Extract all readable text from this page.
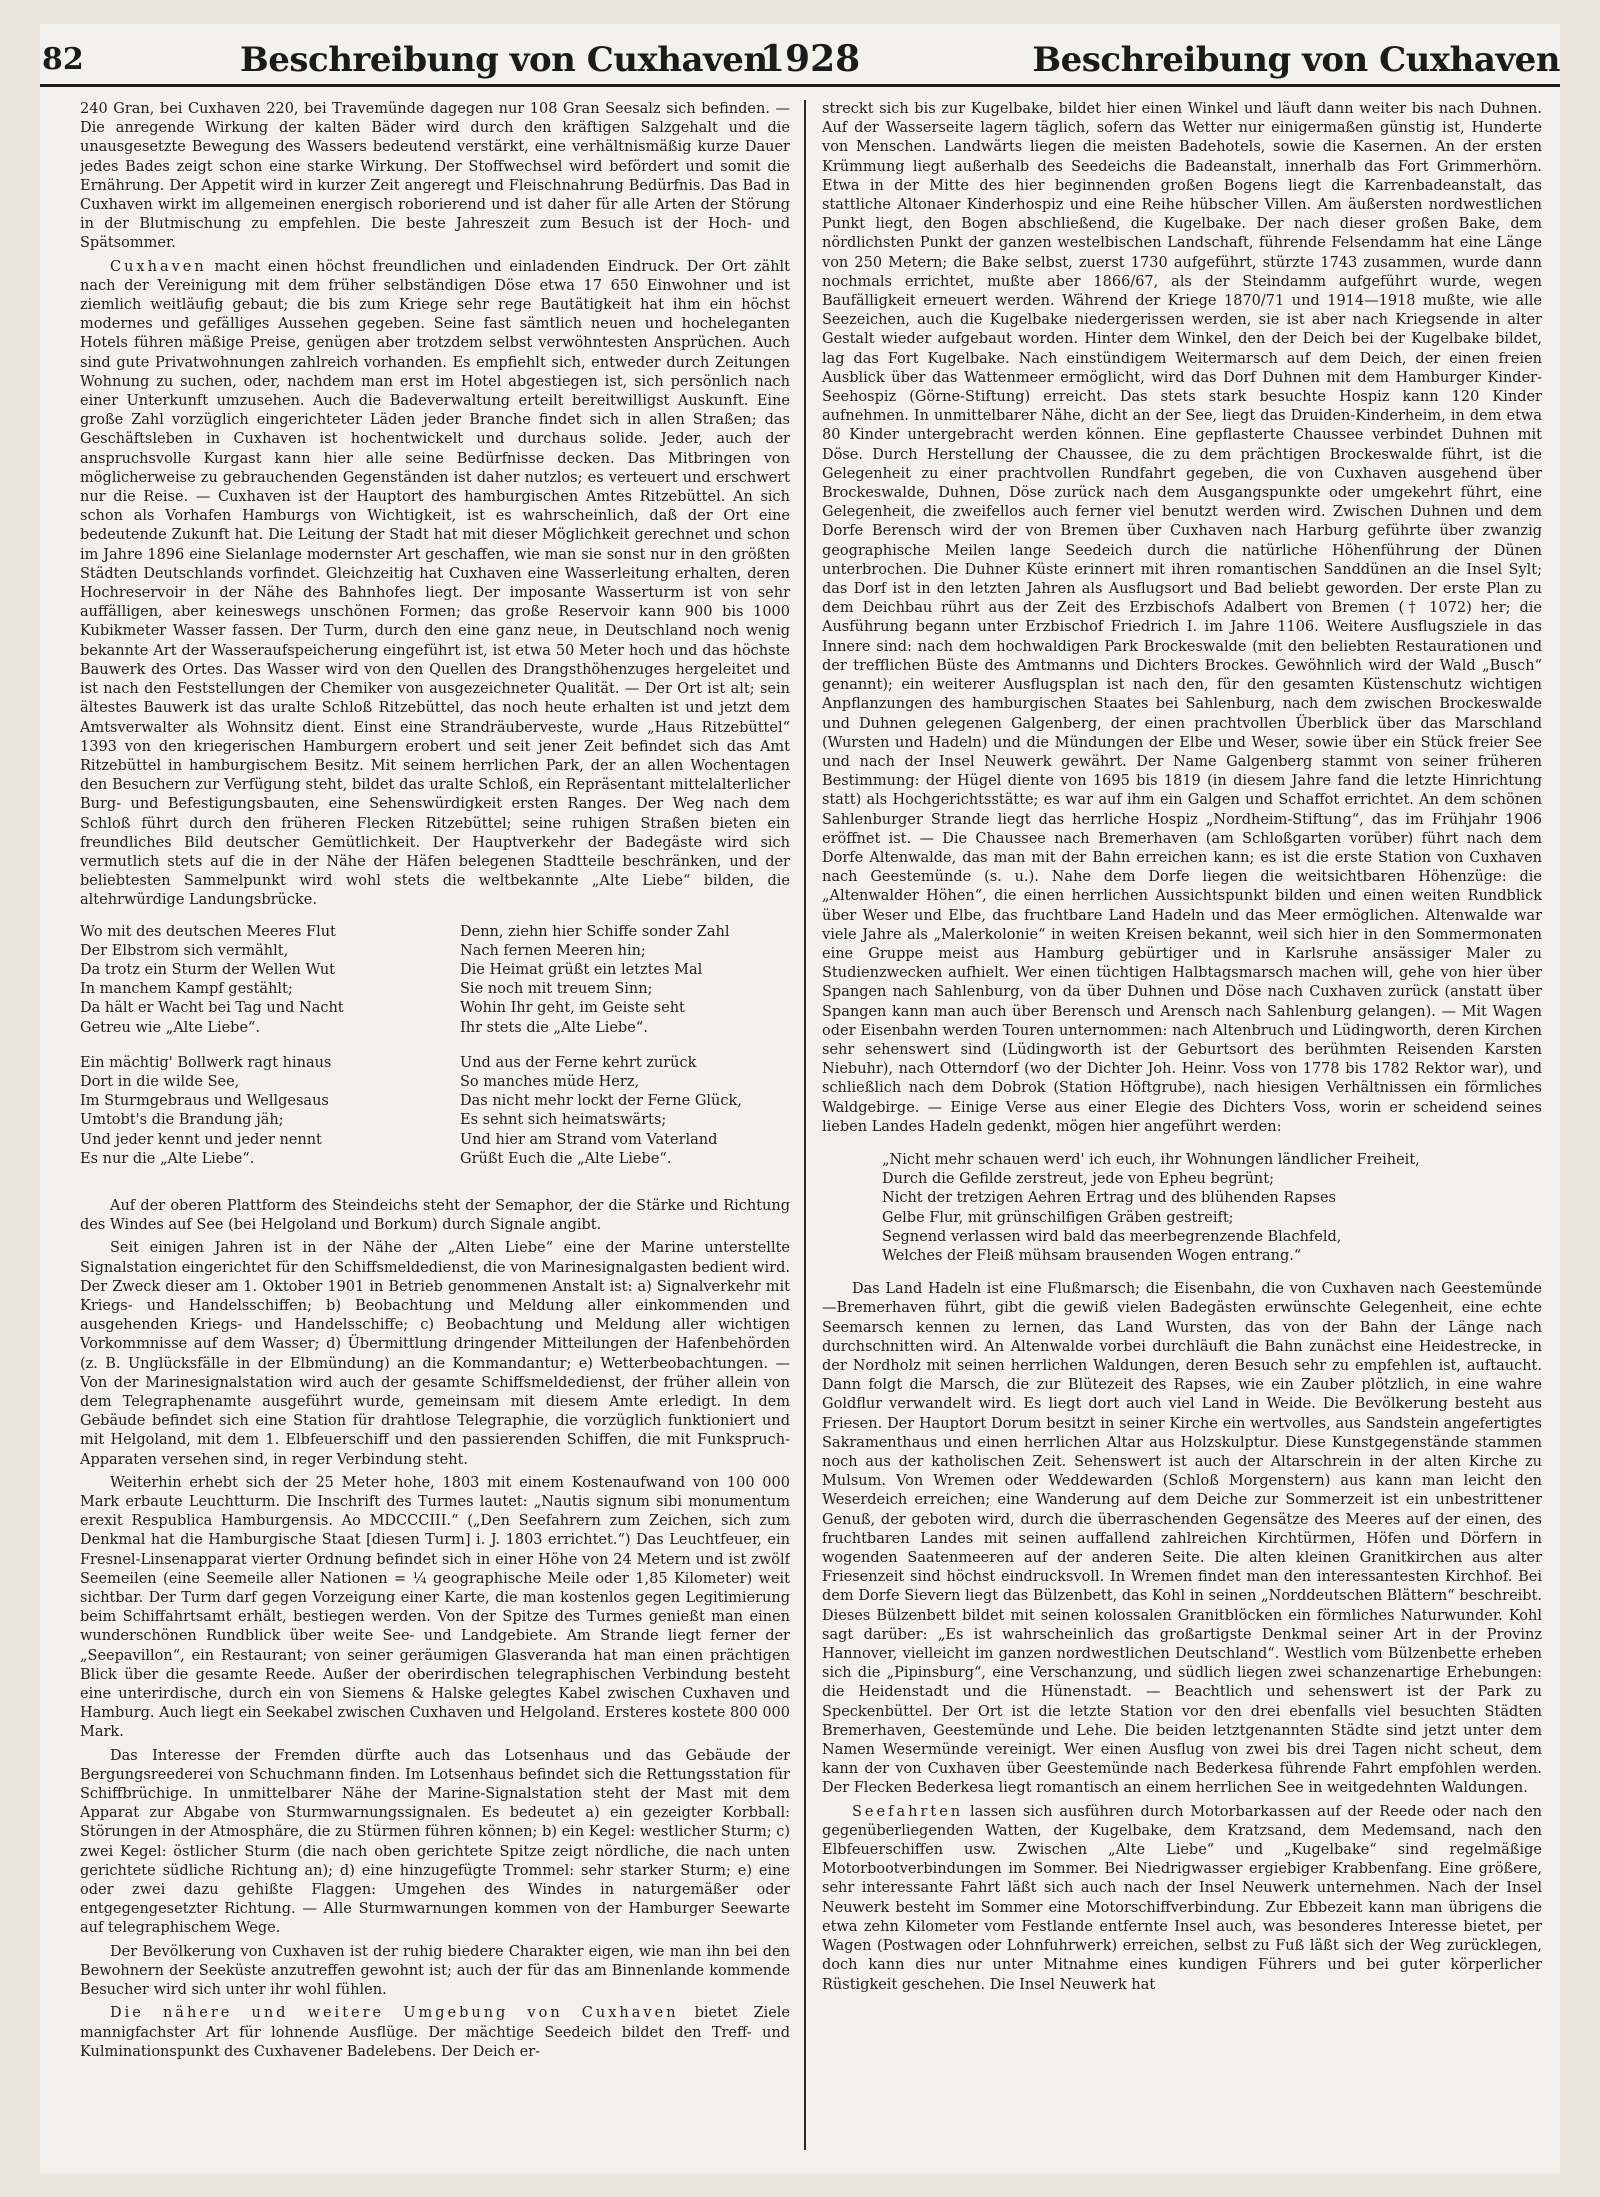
82	Beschreibung von Cuxhaven
1928	Beschreibung von Cuxhaven

240 Gran, bei Cuxhaven 220, bei Travemünde dagegen nur 108 Gran Seesalz sich befinden. — Die anregende Wirkung der kalten Bäder wird durch den kräftigen Salzgehalt und die unausgesetzte Bewegung des Wassers bedeutend verstärkt, eine verhältnismäßig kurze Dauer jedes Bades zeigt schon eine starke Wirkung. Der Stoffwechsel wird befördert und somit die Ernährung. Der Appetit wird in kurzer Zeit angeregt und Fleischnahrung Bedürfnis. Das Bad in Cuxhaven wirkt im allgemeinen energisch roborierend und ist daher für alle Arten der Störung in der Blutmischung zu empfehlen. Die beste Jahreszeit zum Besuch ist der Hoch- und Spätsommer.

Cuxhaven macht einen höchst freundlichen und einladenden Eindruck. Der Ort zählt nach der Vereinigung mit dem früher selbständigen Döse etwa 17 650 Einwohner und ist ziemlich weitläufig gebaut; die bis zum Kriege sehr rege Bautätigkeit hat ihm ein höchst modernes und gefälliges Aussehen gegeben. Seine fast sämtlich neuen und hocheleganten Hotels führen mäßige Preise, genügen aber trotzdem selbst verwöhntesten Ansprüchen. Auch sind gute Privatwohnungen zahlreich vorhanden. Es empfiehlt sich, entweder durch Zeitungen Wohnung zu suchen, oder, nachdem man erst im Hotel abgestiegen ist, sich persönlich nach einer Unterkunft umzusehen. Auch die Badeverwaltung erteilt bereitwilligst Auskunft. Eine große Zahl vorzüglich eingerichteter Läden jeder Branche findet sich in allen Straßen; das Geschäftsleben in Cuxhaven ist hochentwickelt und durchaus solide. Jeder, auch der anspruchsvolle Kurgast kann hier alle seine Bedürfnisse decken. Das Mitbringen von möglicherweise zu gebrauchenden Gegenständen ist daher nutzlos; es verteuert und erschwert nur die Reise. — Cuxhaven ist der Hauptort des hamburgischen Amtes Ritzebüttel. An sich schon als Vorhafen Hamburgs von Wichtigkeit, ist es wahrscheinlich, daß der Ort eine bedeutende Zukunft hat. Die Leitung der Stadt hat mit dieser Möglichkeit gerechnet und schon im Jahre 1896 eine Sielanlage modernster Art geschaffen, wie man sie sonst nur in den größten Städten Deutschlands vorfindet. Gleichzeitig hat Cuxhaven eine Wasserleitung erhalten, deren Hochreservoir in der Nähe des Bahnhofes liegt. Der imposante Wasserturm ist von sehr auffälligen, aber keineswegs unschönen Formen; das große Reservoir kann 900 bis 1000 Kubikmeter Wasser fassen. Der Turm, durch den eine ganz neue, in Deutschland noch wenig bekannte Art der Wasseraufspeicherung eingeführt ist, ist etwa 50 Meter hoch und das höchste Bauwerk des Ortes. Das Wasser wird von den Quellen des Drangsthöhenzuges hergeleitet und ist nach den Feststellungen der Chemiker von ausgezeichneter Qualität. — Der Ort ist alt; sein ältestes Bauwerk ist das uralte Schloß Ritzebüttel, das noch heute erhalten ist und jetzt dem Amtsverwalter als Wohnsitz dient. Einst eine Strandräuberveste, wurde „Haus Ritzebüttel“ 1393 von den kriegerischen Hamburgern erobert und seit jener Zeit befindet sich das Amt Ritzebüttel in hamburgischem Besitz. Mit seinem herrlichen Park, der an allen Wochentagen den Besuchern zur Verfügung steht, bildet das uralte Schloß, ein Repräsentant mittelalterlicher Burg- und Befestigungsbauten, eine Sehenswürdigkeit ersten Ranges. Der Weg nach dem Schloß führt durch den früheren Flecken Ritzebüttel; seine ruhigen Straßen bieten ein freundliches Bild deutscher Gemütlichkeit. Der Hauptverkehr der Badegäste wird sich vermutlich stets auf die in der Nähe der Häfen belegenen Stadtteile beschränken, und der beliebtesten Sammelpunkt wird wohl stets die weltbekannte „Alte Liebe“ bilden, die altehrwürdige Landungsbrücke.

Wo mit des deutschen Meeres Flut
Der Elbstrom sich vermählt,
Da trotz ein Sturm der Wellen Wut
In manchem Kampf gestählt;
Da hält er Wacht bei Tag und Nacht
Getreu wie „Alte Liebe“.
Ein mächtig' Bollwerk ragt hinaus
Dort in die wilde See,
Im Sturmgebraus und Wellgesaus
Umtobt's die Brandung jäh;
Und jeder kennt und jeder nennt
Es nur die „Alte Liebe“.
Denn, ziehn hier Schiffe sonder Zahl
Nach fernen Meeren hin;
Die Heimat grüßt ein letztes Mal
Sie noch mit treuem Sinn;
Wohin Ihr geht, im Geiste seht
Ihr stets die „Alte Liebe“.
Und aus der Ferne kehrt zurück
So manches müde Herz,
Das nicht mehr lockt der Ferne Glück,
Es sehnt sich heimatswärts;
Und hier am Strand vom Vaterland
Grüßt Euch die „Alte Liebe“.

Auf der oberen Plattform des Steindeichs steht der Semaphor, der die Stärke und Richtung des Windes auf See (bei Helgoland und Borkum) durch Signale angibt.

Seit einigen Jahren ist in der Nähe der „Alten Liebe“ eine der Marine unterstellte Signalstation eingerichtet für den Schiffsmeldedienst, die von Marinesignalgasten bedient wird. Der Zweck dieser am 1. Oktober 1901 in Betrieb genommenen Anstalt ist: a) Signalverkehr mit Kriegs- und Handelsschiffen; b) Beobachtung und Meldung aller einkommenden und ausgehenden Kriegs- und Handelsschiffe; c) Beobachtung und Meldung aller wichtigen Vorkommnisse auf dem Wasser; d) Übermittlung dringender Mitteilungen der Hafenbehörden (z. B. Unglücksfälle in der Elbmündung) an die Kommandantur; e) Wetterbeobachtungen. — Von der Marinesignalstation wird auch der gesamte Schiffsmeldedienst, der früher allein von dem Telegraphenamte ausgeführt wurde, gemeinsam mit diesem Amte erledigt. In dem Gebäude befindet sich eine Station für drahtlose Telegraphie, die vorzüglich funktioniert und mit Helgoland, mit dem 1. Elbfeuerschiff und den passierenden Schiffen, die mit Funkspruch-Apparaten versehen sind, in reger Verbindung steht.

Weiterhin erhebt sich der 25 Meter hohe, 1803 mit einem Kostenaufwand von 100 000 Mark erbaute Leuchtturm. Die Inschrift des Turmes lautet: „Nautis signum sibi monumentum erexit Respublica Hamburgensis. Ao MDCCCIII.“ („Den Seefahrern zum Zeichen, sich zum Denkmal hat die Hamburgische Staat [diesen Turm] i. J. 1803 errichtet.“) Das Leuchtfeuer, ein Fresnel-Linsenapparat vierter Ordnung befindet sich in einer Höhe von 24 Metern und ist zwölf Seemeilen (eine Seemeile aller Nationen = ¼ geographische Meile oder 1,85 Kilometer) weit sichtbar. Der Turm darf gegen Vorzeigung einer Karte, die man kostenlos gegen Legitimierung beim Schiffahrtsamt erhält, bestiegen werden. Von der Spitze des Turmes genießt man einen wunderschönen Rundblick über weite See- und Landgebiete. Am Strande liegt ferner der „Seepavillon“, ein Restaurant; von seiner geräumigen Glasveranda hat man einen prächtigen Blick über die gesamte Reede. Außer der oberirdischen telegraphischen Verbindung besteht eine unterirdische, durch ein von Siemens & Halske gelegtes Kabel zwischen Cuxhaven und Hamburg. Auch liegt ein Seekabel zwischen Cuxhaven und Helgoland. Ersteres kostete 800 000 Mark.

Das Interesse der Fremden dürfte auch das Lotsenhaus und das Gebäude der Bergungsreederei von Schuchmann finden. Im Lotsenhaus befindet sich die Rettungsstation für Schiffbrüchige. In unmittelbarer Nähe der Marine-Signalstation steht der Mast mit dem Apparat zur Abgabe von Sturmwarnungssignalen. Es bedeutet a) ein gezeigter Korbball: Störungen in der Atmosphäre, die zu Stürmen führen können; b) ein Kegel: westlicher Sturm; c) zwei Kegel: östlicher Sturm (die nach oben gerichtete Spitze zeigt nördliche, die nach unten gerichtete südliche Richtung an); d) eine hinzugefügte Trommel: sehr starker Sturm; e) eine oder zwei dazu gehißte Flaggen: Umgehen des Windes in naturgemäßer oder entgegengesetzter Richtung. — Alle Sturmwarnungen kommen von der Hamburger Seewarte auf telegraphischem Wege.

Der Bevölkerung von Cuxhaven ist der ruhig biedere Charakter eigen, wie man ihn bei den Bewohnern der Seeküste anzutreffen gewohnt ist; auch der für das am Binnenlande kommende Besucher wird sich unter ihr wohl fühlen.

Die nähere und weitere Umgebung von Cuxhaven bietet Ziele mannigfachster Art für lohnende Ausflüge. Der mächtige Seedeich bildet den Treff- und Kulminationspunkt des Cuxhavener Badelebens. Der Deich er-

streckt sich bis zur Kugelbake, bildet hier einen Winkel und läuft dann weiter bis nach Duhnen. Auf der Wasserseite lagern täglich, sofern das Wetter nur einigermaßen günstig ist, Hunderte von Menschen. Landwärts liegen die meisten Badehotels, sowie die Kasernen. An der ersten Krümmung liegt außerhalb des Seedeichs die Badeanstalt, innerhalb das Fort Grimmerhörn. Etwa in der Mitte des hier beginnenden großen Bogens liegt die Karrenbadeanstalt, das stattliche Altonaer Kinderhospiz und eine Reihe hübscher Villen. Am äußersten nordwestlichen Punkt liegt, den Bogen abschließend, die Kugelbake. Der nach dieser großen Bake, dem nördlichsten Punkt der ganzen westelbischen Landschaft, führende Felsendamm hat eine Länge von 250 Metern; die Bake selbst, zuerst 1730 aufgeführt, stürzte 1743 zusammen, wurde dann nochmals errichtet, mußte aber 1866/67, als der Steindamm aufgeführt wurde, wegen Baufälligkeit erneuert werden. Während der Kriege 1870/71 und 1914—1918 mußte, wie alle Seezeichen, auch die Kugelbake niedergerissen werden, sie ist aber nach Kriegsende in alter Gestalt wieder aufgebaut worden. Hinter dem Winkel, den der Deich bei der Kugelbake bildet, lag das Fort Kugelbake. Nach einstündigem Weitermarsch auf dem Deich, der einen freien Ausblick über das Wattenmeer ermöglicht, wird das Dorf Duhnen mit dem Hamburger Kinder-Seehospiz (Görne-Stiftung) erreicht. Das stets stark besuchte Hospiz kann 120 Kinder aufnehmen. In unmittelbarer Nähe, dicht an der See, liegt das Druiden-Kinderheim, in dem etwa 80 Kinder untergebracht werden können. Eine gepflasterte Chaussee verbindet Duhnen mit Döse. Durch Herstellung der Chaussee, die zu dem prächtigen Brockeswalde führt, ist die Gelegenheit zu einer prachtvollen Rundfahrt gegeben, die von Cuxhaven ausgehend über Brockeswalde, Duhnen, Döse zurück nach dem Ausgangspunkte oder umgekehrt führt, eine Gelegenheit, die zweifellos auch ferner viel benutzt werden wird. Zwischen Duhnen und dem Dorfe Berensch wird der von Bremen über Cuxhaven nach Harburg geführte über zwanzig geographische Meilen lange Seedeich durch die natürliche Höhenführung der Dünen unterbrochen. Die Duhner Küste erinnert mit ihren romantischen Sanddünen an die Insel Sylt; das Dorf ist in den letzten Jahren als Ausflugsort und Bad beliebt geworden. Der erste Plan zu dem Deichbau rührt aus der Zeit des Erzbischofs Adalbert von Bremen († 1072) her; die Ausführung begann unter Erzbischof Friedrich I. im Jahre 1106. Weitere Ausflugsziele in das Innere sind: nach dem hochwaldigen Park Brockeswalde (mit den beliebten Restaurationen und der trefflichen Büste des Amtmanns und Dichters Brockes. Gewöhnlich wird der Wald „Busch“ genannt); ein weiterer Ausflugsplan ist nach den, für den gesamten Küstenschutz wichtigen Anpflanzungen des hamburgischen Staates bei Sahlenburg, nach dem zwischen Brockeswalde und Duhnen gelegenen Galgenberg, der einen prachtvollen Überblick über das Marschland (Wursten und Hadeln) und die Mündungen der Elbe und Weser, sowie über ein Stück freier See und nach der Insel Neuwerk gewährt. Der Name Galgenberg stammt von seiner früheren Bestimmung: der Hügel diente von 1695 bis 1819 (in diesem Jahre fand die letzte Hinrichtung statt) als Hochgerichtsstätte; es war auf ihm ein Galgen und Schaffot errichtet. An dem schönen Sahlenburger Strande liegt das herrliche Hospiz „Nordheim-Stiftung“, das im Frühjahr 1906 eröffnet ist. — Die Chaussee nach Bremerhaven (am Schloßgarten vorüber) führt nach dem Dorfe Altenwalde, das man mit der Bahn erreichen kann; es ist die erste Station von Cuxhaven nach Geestemünde (s. u.). Nahe dem Dorfe liegen die weitsichtbaren Höhenzüge: die „Altenwalder Höhen“, die einen herrlichen Aussichtspunkt bilden und einen weiten Rundblick über Weser und Elbe, das fruchtbare Land Hadeln und das Meer ermöglichen. Altenwalde war viele Jahre als „Malerkolonie“ in weiten Kreisen bekannt, weil sich hier in den Sommermonaten eine Gruppe meist aus Hamburg gebürtiger und in Karlsruhe ansässiger Maler zu Studienzwecken aufhielt. Wer einen tüchtigen Halbtagsmarsch machen will, gehe von hier über Spangen nach Sahlenburg, von da über Duhnen und Döse nach Cuxhaven zurück (anstatt über Spangen kann man auch über Berensch und Arensch nach Sahlenburg gelangen). — Mit Wagen oder Eisenbahn werden Touren unternommen: nach Altenbruch und Lüdingworth, deren Kirchen sehr sehenswert sind (Lüdingworth ist der Geburtsort des berühmten Reisenden Karsten Niebuhr), nach Otterndorf (wo der Dichter Joh. Heinr. Voss von 1778 bis 1782 Rektor war), und schließlich nach dem Dobrok (Station Höftgrube), nach hiesigen Verhältnissen ein förmliches Waldgebirge. — Einige Verse aus einer Elegie des Dichters Voss, worin er scheidend seines lieben Landes Hadeln gedenkt, mögen hier angeführt werden:

„Nicht mehr schauen werd' ich euch, ihr Wohnungen ländlicher Freiheit,
Durch die Gefilde zerstreut, jede von Epheu begrünt;
Nicht der tretzigen Aehren Ertrag und des blühenden Rapses
Gelbe Flur, mit grünschilfigen Gräben gestreift;
Segnend verlassen wird bald das meerbegrenzende Blachfeld,
Welches der Fleiß mühsam brausenden Wogen entrang.“

Das Land Hadeln ist eine Flußmarsch; die Eisenbahn, die von Cuxhaven nach Geestemünde—Bremerhaven führt, gibt die gewiß vielen Badegästen erwünschte Gelegenheit, eine echte Seemarsch kennen zu lernen, das Land Wursten, das von der Bahn der Länge nach durchschnitten wird. An Altenwalde vorbei durchläuft die Bahn zunächst eine Heidestrecke, in der Nordholz mit seinen herrlichen Waldungen, deren Besuch sehr zu empfehlen ist, auftaucht. Dann folgt die Marsch, die zur Blütezeit des Rapses, wie ein Zauber plötzlich, in eine wahre Goldflur verwandelt wird. Es liegt dort auch viel Land in Weide. Die Bevölkerung besteht aus Friesen. Der Hauptort Dorum besitzt in seiner Kirche ein wertvolles, aus Sandstein angefertigtes Sakramenthaus und einen herrlichen Altar aus Holzskulptur. Diese Kunstgegenstände stammen noch aus der katholischen Zeit. Sehenswert ist auch der Altarschrein in der alten Kirche zu Mulsum. Von Wremen oder Weddewarden (Schloß Morgenstern) aus kann man leicht den Weserdeich erreichen; eine Wanderung auf dem Deiche zur Sommerzeit ist ein unbestrittener Genuß, der geboten wird, durch die überraschenden Gegensätze des Meeres auf der einen, des fruchtbaren Landes mit seinen auffallend zahlreichen Kirchtürmen, Höfen und Dörfern in wogenden Saatenmeeren auf der anderen Seite. Die alten kleinen Granitkirchen aus alter Friesenzeit sind höchst eindrucksvoll. In Wremen findet man den interessantesten Kirchhof. Bei dem Dorfe Sievern liegt das Bülzenbett, das Kohl in seinen „Norddeutschen Blättern“ beschreibt. Dieses Bülzenbett bildet mit seinen kolossalen Granitblöcken ein förmliches Naturwunder. Kohl sagt darüber: „Es ist wahrscheinlich das großartigste Denkmal seiner Art in der Provinz Hannover, vielleicht im ganzen nordwestlichen Deutschland“. Westlich vom Bülzenbette erheben sich die „Pipinsburg“, eine Verschanzung, und südlich liegen zwei schanzenartige Erhebungen: die Heidenstadt und die Hünenstadt. — Beachtlich und sehenswert ist der Park zu Speckenbüttel. Der Ort ist die letzte Station vor den drei ebenfalls viel besuchten Städten Bremerhaven, Geestemünde und Lehe. Die beiden letztgenannten Städte sind jetzt unter dem Namen Wesermünde vereinigt. Wer einen Ausflug von zwei bis drei Tagen nicht scheut, dem kann der von Cuxhaven über Geestemünde nach Bederkesa führende Fahrt empfohlen werden. Der Flecken Bederkesa liegt romantisch an einem herrlichen See in weitgedehnten Waldungen.

Seefahrten lassen sich ausführen durch Motorbarkassen auf der Reede oder nach den gegenüberliegenden Watten, der Kugelbake, dem Kratzsand, dem Medemsand, nach den Elbfeuerschiffen usw. Zwischen „Alte Liebe“ und „Kugelbake“ sind regelmäßige Motorbootverbindungen im Sommer. Bei Niedrigwasser ergiebiger Krabbenfang. Eine größere, sehr interessante Fahrt läßt sich auch nach der Insel Neuwerk unternehmen. Nach der Insel Neuwerk besteht im Sommer eine Motorschiffverbindung. Zur Ebbezeit kann man übrigens die etwa zehn Kilometer vom Festlande entfernte Insel auch, was besonderes Interesse bietet, per Wagen (Postwagen oder Lohnfuhrwerk) erreichen, selbst zu Fuß läßt sich der Weg zurücklegen, doch kann dies nur unter Mitnahme eines kundigen Führers und bei guter körperlicher Rüstigkeit geschehen. Die Insel Neuwerk hat
